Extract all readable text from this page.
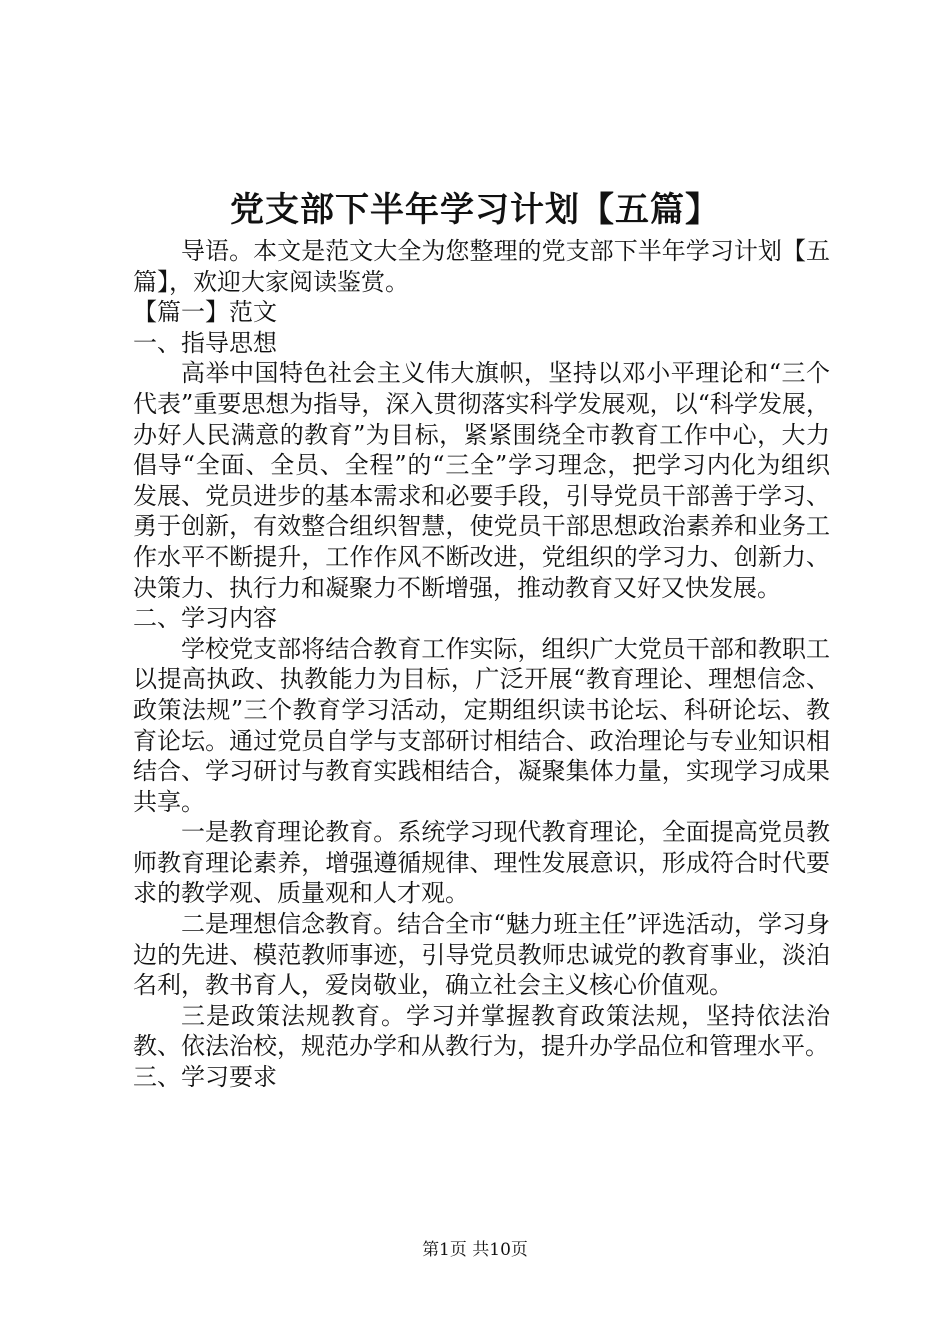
党支部下半年学习计划【五篇】

导语。本文是范文大全为您整理的党支部下半年学习计划【五篇】，欢迎大家阅读鉴赏。

【篇一】范文

一、指导思想

高举中国特色社会主义伟大旗帜，坚持以邓小平理论和“三个代表”重要思想为指导，深入贯彻落实科学发展观，以“科学发展，办好人民满意的教育”为目标，紧紧围绕全市教育工作中心，大力倡导“全面、全员、全程”的“三全”学习理念，把学习内化为组织发展、党员进步的基本需求和必要手段，引导党员干部善于学习、勇于创新，有效整合组织智慧，使党员干部思想政治素养和业务工作水平不断提升，工作作风不断改进，党组织的学习力、创新力、决策力、执行力和凝聚力不断增强，推动教育又好又快发展。

二、学习内容

学校党支部将结合教育工作实际，组织广大党员干部和教职工以提高执政、执教能力为目标，广泛开展“教育理论、理想信念、政策法规”三个教育学习活动，定期组织读书论坛、科研论坛、教育论坛。通过党员自学与支部研讨相结合、政治理论与专业知识相结合、学习研讨与教育实践相结合，凝聚集体力量，实现学习成果共享。

一是教育理论教育。系统学习现代教育理论，全面提高党员教师教育理论素养，增强遵循规律、理性发展意识，形成符合时代要求的教学观、质量观和人才观。

二是理想信念教育。结合全市“魅力班主任”评选活动，学习身边的先进、模范教师事迹，引导党员教师忠诚党的教育事业，淡泊名利，教书育人，爱岗敬业，确立社会主义核心价值观。

三是政策法规教育。学习并掌握教育政策法规，坚持依法治教、依法治校，规范办学和从教行为，提升办学品位和管理水平。

三、学习要求

第1页 共10页
